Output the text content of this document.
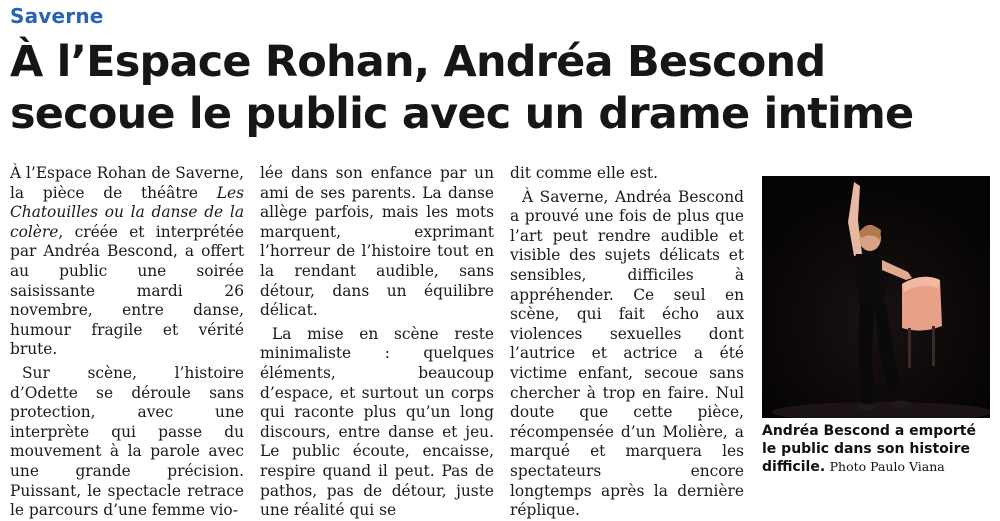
Saverne
À l’Espace Rohan, Andréa Bescond secoue le public avec un drame intime

À l’Espace Rohan de Saverne, la pièce de théâtre Les Chatouilles ou la danse de la colère, créée et interprétée par Andréa Bescond, a offert au public une soirée saisissante mardi 26 novembre, entre danse, humour fragile et vérité brute.

Sur scène, l’histoire d’Odette se déroule sans protection, avec une interprète qui passe du mouvement à la parole avec une grande précision. Puissant, le spectacle retrace le parcours d’une femme vio-

lée dans son enfance par un ami de ses parents. La danse allège parfois, mais les mots marquent, exprimant l’horreur de l’histoire tout en la rendant audible, sans détour, dans un équilibre délicat.

La mise en scène reste minimaliste : quelques éléments, beaucoup d’espace, et surtout un corps qui raconte plus qu’un long discours, entre danse et jeu. Le public écoute, encaisse, respire quand il peut. Pas de pathos, pas de détour, juste une réalité qui se

dit comme elle est.

À Saverne, Andréa Bescond a prouvé une fois de plus que l’art peut rendre audible et visible des sujets délicats et sensibles, difficiles à appréhender. Ce seul en scène, qui fait écho aux violences sexuelles dont l’autrice et actrice a été victime enfant, secoue sans chercher à trop en faire. Nul doute que cette pièce, récompensée d’un Molière, a marqué et marquera les spectateurs encore longtemps après la dernière réplique.

Andréa Bescond a emporté le public dans son histoire difficile. Photo Paulo Viana
